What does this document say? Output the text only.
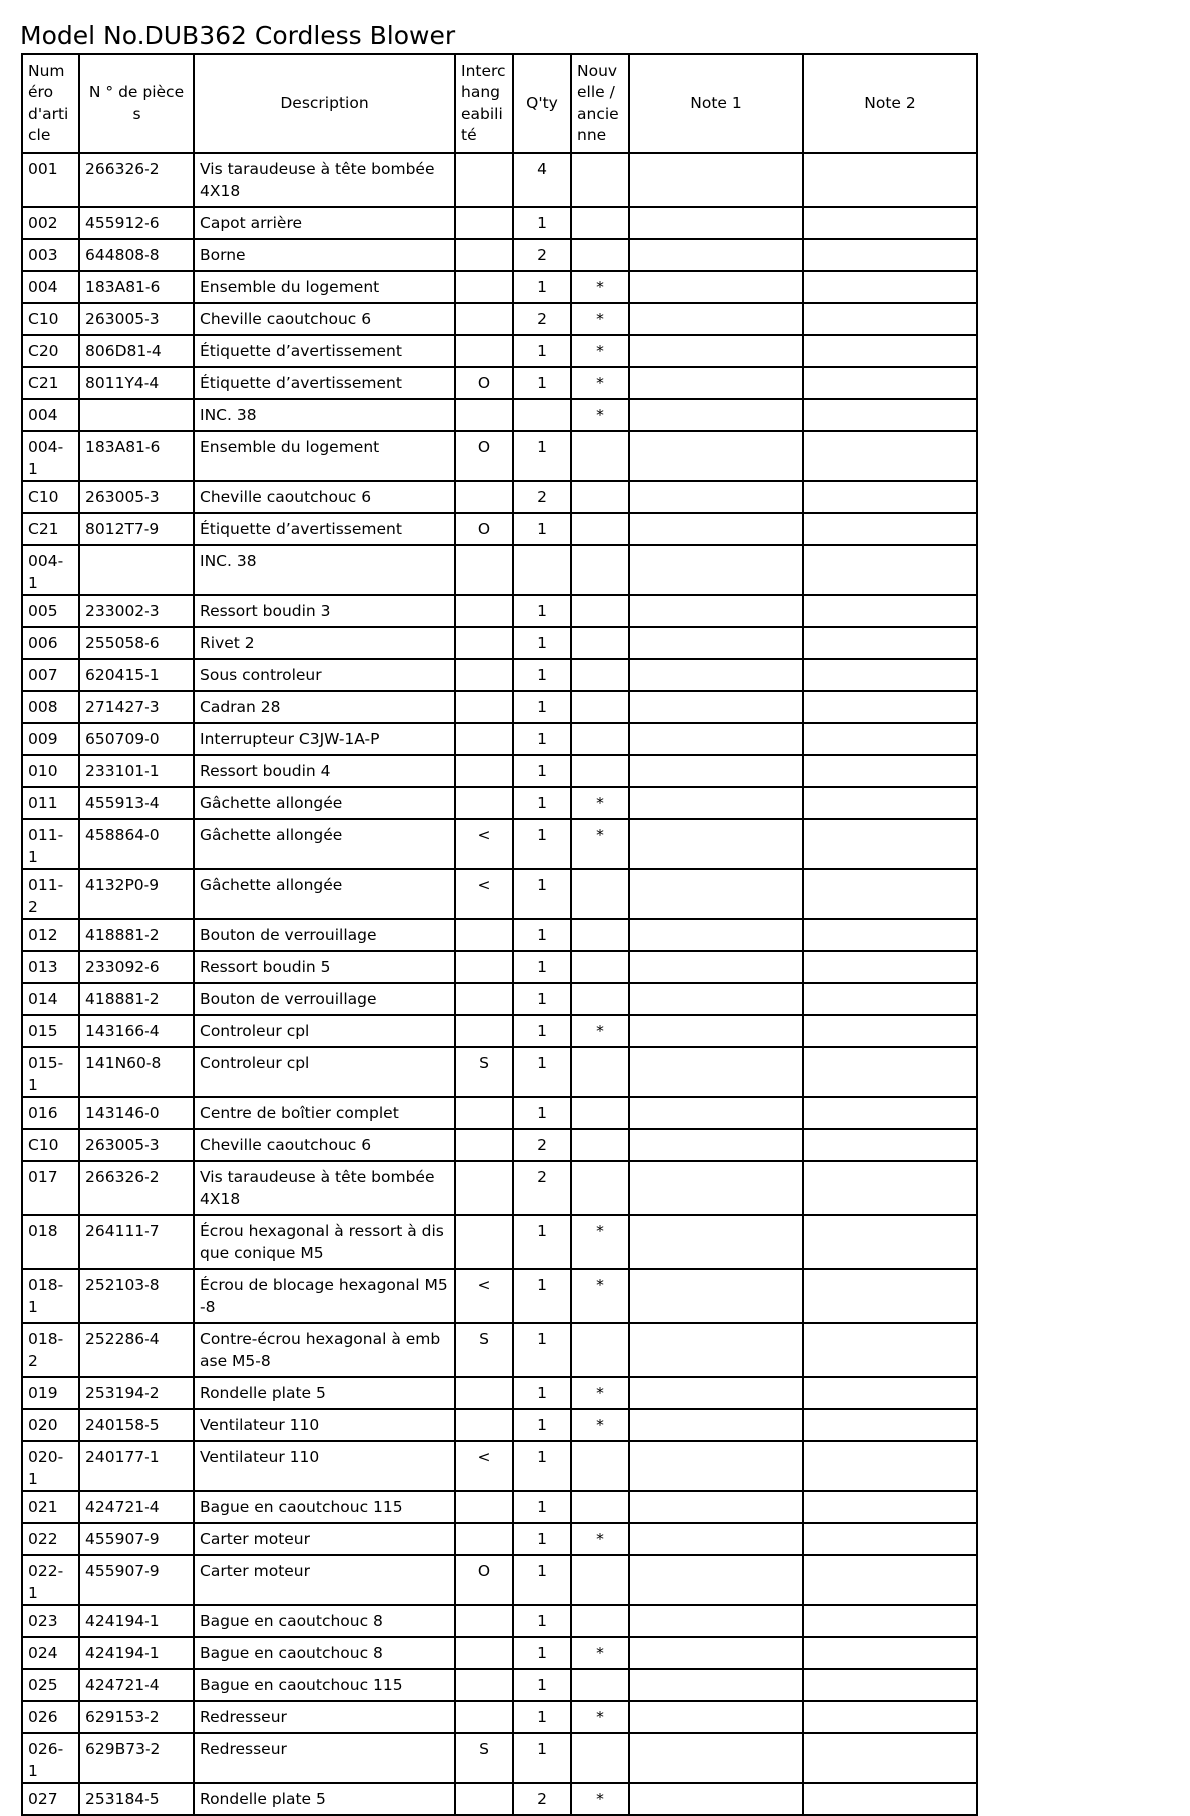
Model No.DUB362 Cordless Blower
Numéro d'article	N ° de pièces	Description	Interchangeabilité	Q'ty	Nouvelle / ancienne	Note 1	Note 2
001	266326-2	Vis taraudeuse à tête bombée 4X18		4			
002	455912-6	Capot arrière		1			
003	644808-8	Borne		2			
004	183A81-6	Ensemble du logement		1	*		
C10	263005-3	Cheville caoutchouc 6		2	*		
C20	806D81-4	Étiquette d’avertissement		1	*		
C21	8011Y4-4	Étiquette d’avertissement	O	1	*		
004		INC. 38			*		
004-1	183A81-6	Ensemble du logement	O	1			
C10	263005-3	Cheville caoutchouc 6		2			
C21	8012T7-9	Étiquette d’avertissement	O	1			
004-1		INC. 38					
005	233002-3	Ressort boudin 3		1			
006	255058-6	Rivet 2		1			
007	620415-1	Sous controleur		1			
008	271427-3	Cadran 28		1			
009	650709-0	Interrupteur C3JW-1A-P		1			
010	233101-1	Ressort boudin 4		1			
011	455913-4	Gâchette allongée		1	*		
011-1	458864-0	Gâchette allongée	<	1	*		
011-2	4132P0-9	Gâchette allongée	<	1			
012	418881-2	Bouton de verrouillage		1			
013	233092-6	Ressort boudin 5		1			
014	418881-2	Bouton de verrouillage		1			
015	143166-4	Controleur cpl		1	*		
015-1	141N60-8	Controleur cpl	S	1			
016	143146-0	Centre de boîtier complet		1			
C10	263005-3	Cheville caoutchouc 6		2			
017	266326-2	Vis taraudeuse à tête bombée 4X18		2			
018	264111-7	Écrou hexagonal à ressort à disque conique M5		1	*		
018-1	252103-8	Écrou de blocage hexagonal M5-8	<	1	*		
018-2	252286-4	Contre-écrou hexagonal à embase M5-8	S	1			
019	253194-2	Rondelle plate 5		1	*		
020	240158-5	Ventilateur 110		1	*		
020-1	240177-1	Ventilateur 110	<	1			
021	424721-4	Bague en caoutchouc 115		1			
022	455907-9	Carter moteur		1	*		
022-1	455907-9	Carter moteur	O	1			
023	424194-1	Bague en caoutchouc 8		1			
024	424194-1	Bague en caoutchouc 8		1	*		
025	424721-4	Bague en caoutchouc 115		1			
026	629153-2	Redresseur		1	*		
026-1	629B73-2	Redresseur	S	1			
027	253184-5	Rondelle plate 5		2	*		
